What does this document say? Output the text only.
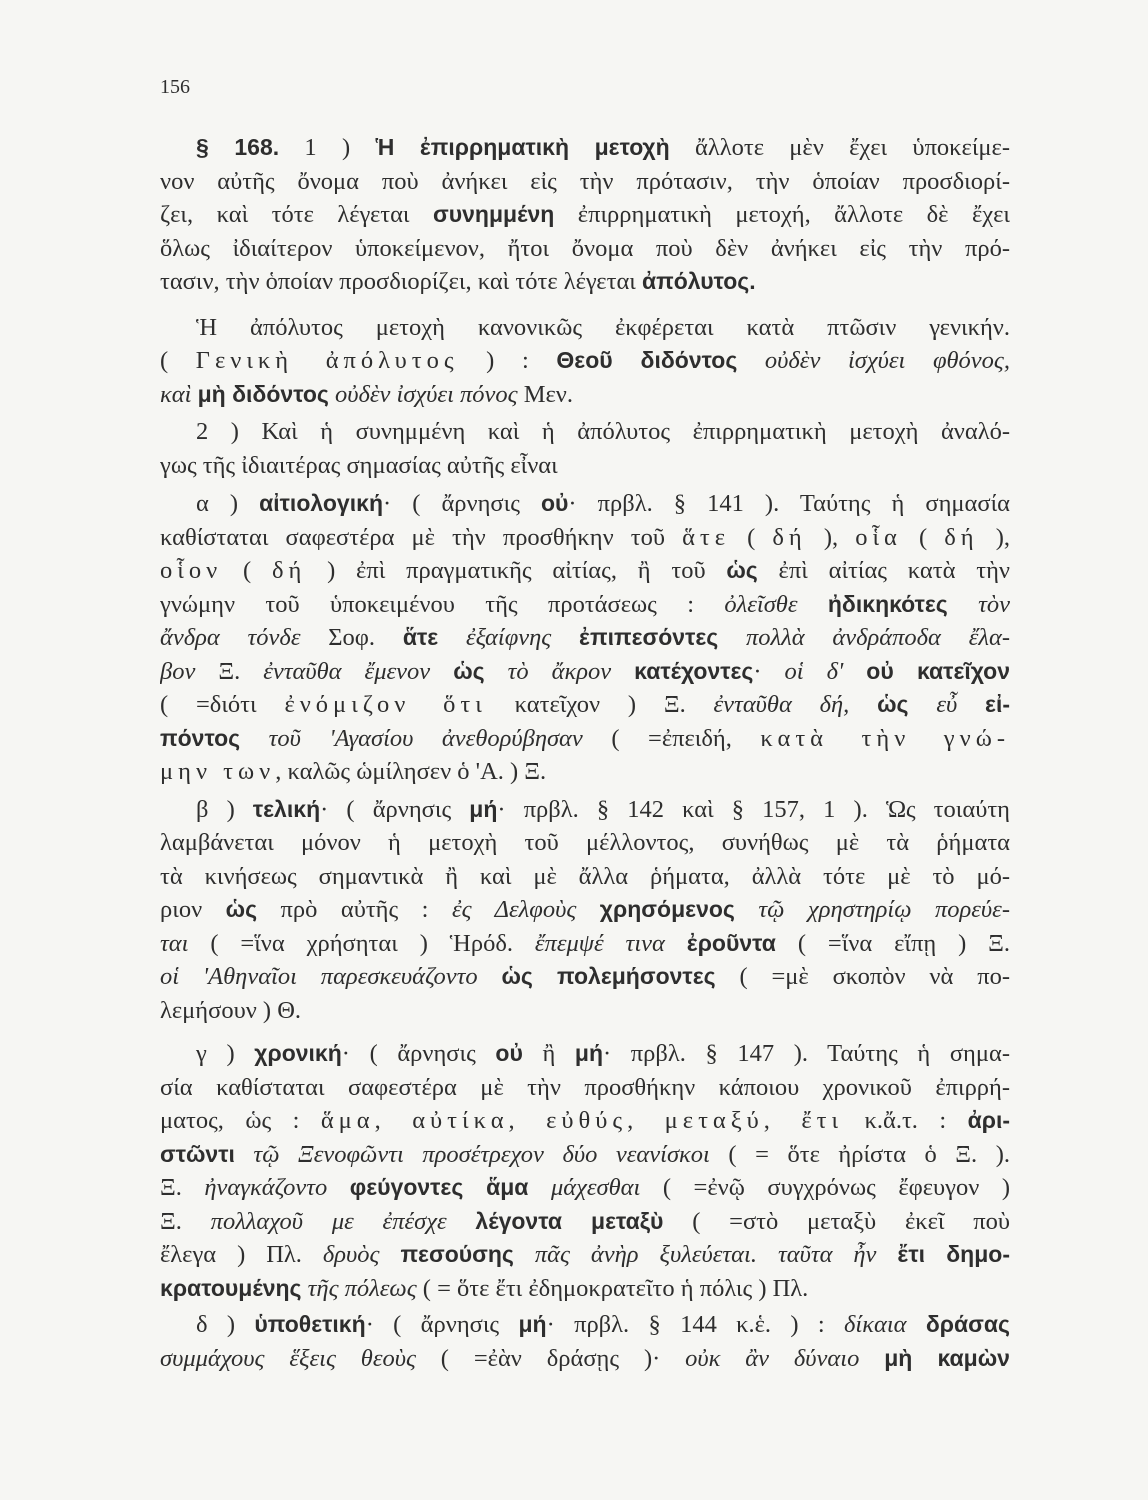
156
§ 168. 1 ) Ἡ ἐπιρρηματικὴ μετοχὴ ἄλλοτε μὲν ἔχει ὑποκείμε-
νον αὐτῆς ὄνομα ποὺ ἀνήκει εἰς τὴν πρότασιν, τὴν ὁποίαν προσδιορί-
ζει, καὶ τότε λέγεται συνημμένη ἐπιρρηματικὴ μετοχή, ἄλλοτε δὲ ἔχει
ὅλως ἰδιαίτερον ὑποκείμενον, ἤτοι ὄνομα ποὺ δὲν ἀνήκει εἰς τὴν πρό-
τασιν, τὴν ὁποίαν προσδιορίζει, καὶ τότε λέγεται ἀπόλυτος.
Ἡ ἀπόλυτος μετοχὴ κανονικῶς ἐκφέρεται κατὰ πτῶσιν γενικήν.
( Γενικὴ ἀπόλυτος ) : Θεοῦ διδόντος οὐδὲν ἰσχύει φθόνος,
καὶ μὴ διδόντος οὐδὲν ἰσχύει πόνος Μεν.
2 ) Καὶ ἡ συνημμένη καὶ ἡ ἀπόλυτος ἐπιρρηματικὴ μετοχὴ ἀναλό-
γως τῆς ἰδιαιτέρας σημασίας αὐτῆς εἶναι
α ) αἰτιολογική· ( ἄρνησις οὐ· πρβλ. § 141 ). Ταύτης ἡ σημασία
καθίσταται σαφεστέρα μὲ τὴν προσθήκην τοῦ ἅτε ( δή ), οἷα ( δή ),
οἷον ( δή ) ἐπὶ πραγματικῆς αἰτίας, ἢ τοῦ ὡς ἐπὶ αἰτίας κατὰ τὴν
γνώμην τοῦ ὑποκειμένου τῆς προτάσεως : ὀλεῖσθε ἠδικηκότες τὸν
ἄνδρα τόνδε Σοφ. ἅτε ἐξαίφνης ἐπιπεσόντες πολλὰ ἀνδράποδα ἔλα-
βον Ξ. ἐνταῦθα ἔμενον ὡς τὸ ἄκρον κατέχοντες· οἱ δ' οὐ κατεῖχον
( =διότι ἐνόμιζον ὅτι κατεῖχον ) Ξ. ἐνταῦθα δή, ὡς εὖ εἰ-
πόντος τοῦ 'Αγασίου ἀνεθορύβησαν ( =ἐπειδή, κατὰ τὴν γνώ-
μην των, καλῶς ὡμίλησεν ὁ 'Α. ) Ξ.
β ) τελική· ( ἄρνησις μή· πρβλ. § 142 καὶ § 157, 1 ). Ὡς τοιαύτη
λαμβάνεται μόνον ἡ μετοχὴ τοῦ μέλλοντος, συνήθως μὲ τὰ ῥήματα
τὰ κινήσεως σημαντικὰ ἢ καὶ μὲ ἄλλα ῥήματα, ἀλλὰ τότε μὲ τὸ μό-
ριον ὡς πρὸ αὐτῆς : ἐς Δελφοὺς χρησόμενος τῷ χρηστηρίῳ πορεύε-
ται ( =ἵνα χρήσηται ) Ἡρόδ. ἔπεμψέ τινα ἐροῦντα ( =ἵνα εἴπῃ ) Ξ.
οἱ 'Αθηναῖοι παρεσκευάζοντο ὡς πολεμήσοντες ( =μὲ σκοπὸν νὰ πο-
λεμήσουν ) Θ.
γ ) χρονική· ( ἄρνησις οὐ ἢ μή· πρβλ. § 147 ). Ταύτης ἡ σημα-
σία καθίσταται σαφεστέρα μὲ τὴν προσθήκην κάποιου χρονικοῦ ἐπιρρή-
ματος, ὡς : ἅμα, αὐτίκα, εὐθύς, μεταξύ, ἔτι κ.ἄ.τ. : ἀρι-
στῶντι τῷ Ξενοφῶντι προσέτρεχον δύο νεανίσκοι ( = ὅτε ἠρίστα ὁ Ξ. ).
Ξ. ἠναγκάζοντο φεύγοντες ἅμα μάχεσθαι ( =ἐνῷ συγχρόνως ἔφευγον )
Ξ. πολλαχοῦ με ἐπέσχε λέγοντα μεταξὺ ( =στὸ μεταξὺ ἐκεῖ ποὺ
ἔλεγα ) Πλ. δρυὸς πεσούσης πᾶς ἀνὴρ ξυλεύεται. ταῦτα ἦν ἔτι δημο-
κρατουμένης τῆς πόλεως ( = ὅτε ἔτι ἐδημοκρατεῖτο ἡ πόλις ) Πλ.
δ ) ὑποθετική· ( ἄρνησις μή· πρβλ. § 144 κ.ἑ. ) : δίκαια δράσας
συμμάχους ἕξεις θεοὺς ( =ἐὰν δράσῃς )· οὐκ ἂν δύναιο μὴ καμὼν
